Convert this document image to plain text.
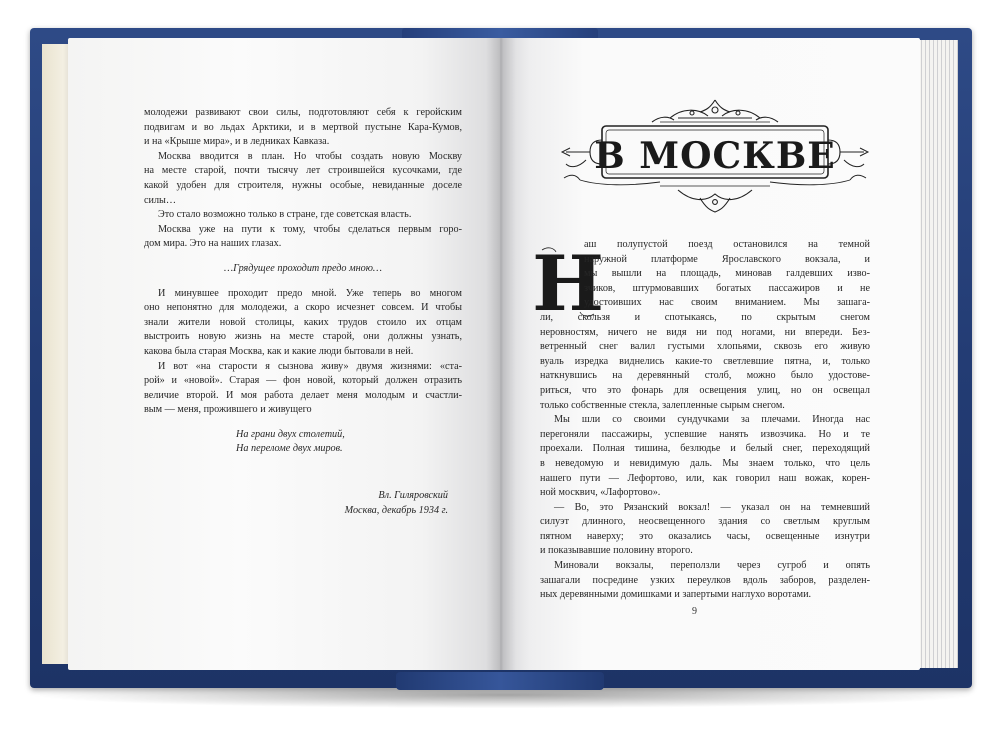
молодежи развивают свои силы, подготовляют себя к геройским
подвигам и во льдах Арктики, и в мертвой пустыне Кара-Кумов,
и на «Крыше мира», и в ледниках Кавказа.
Москва вводится в план. Но чтобы создать новую Москву
на месте старой, почти тысячу лет строившейся кусочками, где
какой удобен для строителя, нужны особые, невиданные доселе
силы…
Это стало возможно только в стране, где советская власть.
Москва уже на пути к тому, чтобы сделаться первым горо-
дом мира. Это на наших глазах.
…Грядущее проходит предо мною…
И минувшее проходит предо мной. Уже теперь во многом
оно непонятно для молодежи, а скоро исчезнет совсем. И чтобы
знали жители новой столицы, каких трудов стоило их отцам
выстроить новую жизнь на месте старой, они должны узнать,
какова была старая Москва, как и какие люди бытовали в ней.
И вот «на старости я сызнова живу» двумя жизнями: «ста-
рой» и «новой». Старая — фон новой, который должен отразить
величие второй. И моя работа делает меня молодым и счастли-
вым — меня, прожившего и живущего
На грани двух столетий,
На переломе двух миров.
Вл. Гиляровский
Москва, декабрь 1934 г.
В МОСКВЕ
Н
аш полупустой поезд остановился на темной
наружной платформе Ярославского вокзала, и
мы вышли на площадь, миновав галдевших изво-
зчиков, штурмовавших богатых пассажиров и не
удостоивших нас своим вниманием. Мы зашага-
ли, скользя и спотыкаясь, по скрытым снегом
неровностям, ничего не видя ни под ногами, ни впереди. Без-
ветренный снег валил густыми хлопьями, сквозь его живую
вуаль изредка виднелись какие-то светлевшие пятна, и, только
наткнувшись на деревянный столб, можно было удостове-
риться, что это фонарь для освещения улиц, но он освещал
только собственные стекла, залепленные сырым снегом.
Мы шли со своими сундучками за плечами. Иногда нас
перегоняли пассажиры, успевшие нанять извозчика. Но и те
проехали. Полная тишина, безлюдье и белый снег, переходящий
в неведомую и невидимую даль. Мы знаем только, что цель
нашего пути — Лефортово, или, как говорил наш вожак, корен-
ной москвич, «Лафортово».
— Во, это Рязанский вокзал! — указал он на темневший
силуэт длинного, неосвещенного здания со светлым круглым
пятном наверху; это оказались часы, освещенные изнутри
и показывавшие половину второго.
Миновали вокзалы, переползли через сугроб и опять
зашагали посредине узких переулков вдоль заборов, разделен-
ных деревянными домишками и запертыми наглухо воротами.
9
